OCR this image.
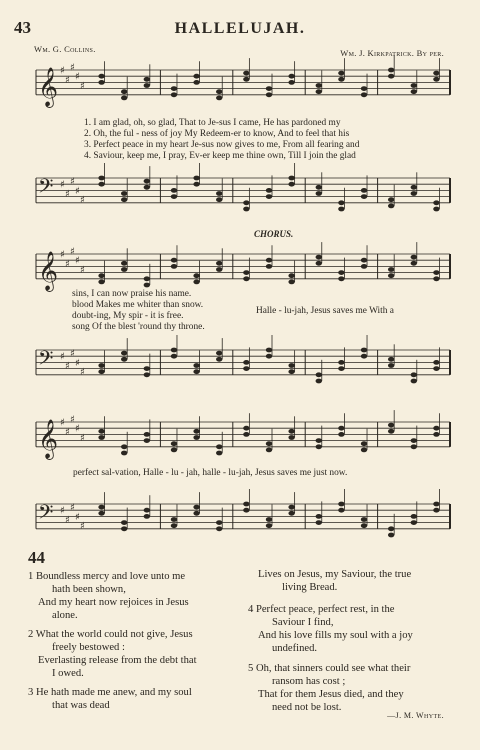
43	HALLELUJAH.
Wm. G. Collins.	Wm. J. Kirkpatrick. By per.
𝄞 ♯
♯
♯
♯
♯
1. I am glad, oh, so glad, That to Je-sus I came, He has pardoned my
2. Oh, the ful - ness of joy My Redeem-er to know, And to feel that his
3. Perfect peace in my heart Je-sus now gives to me, From all fearing and
4. Saviour, keep me, I pray, Ev-er keep me thine own, Till I join the glad
𝄢 ♯
♯
♯
♯
♯
CHORUS.
𝄞 ♯
♯
♯
♯
♯
sins, I can now praise his name.
blood Makes me whiter than snow.
doubt-ing, My spir - it is free.
song Of the blest 'round thy throne.
Halle - lu-jah, Jesus saves me With a
𝄢 ♯
♯
♯
♯
♯
𝄞 ♯
♯
♯
♯
♯
perfect sal-vation, Halle - lu - jah, halle - lu-jah, Jesus saves me just now.
𝄢 ♯
♯
♯
♯
♯
44
1 Boundless mercy and love unto me
hath been shown,
And my heart now rejoices in Jesus
alone.
2 What the world could not give, Jesus
freely bestowed :
Everlasting release from the debt that
I owed.
3 He hath made me anew, and my soul
that was dead
Lives on Jesus, my Saviour, the true
living Bread.
4 Perfect peace, perfect rest, in the
Saviour I find,
And his love fills my soul with a joy
undefined.
5 Oh, that sinners could see what their
ransom has cost ;
That for them Jesus died, and they
need not be lost.
—J. M. Whyte.
